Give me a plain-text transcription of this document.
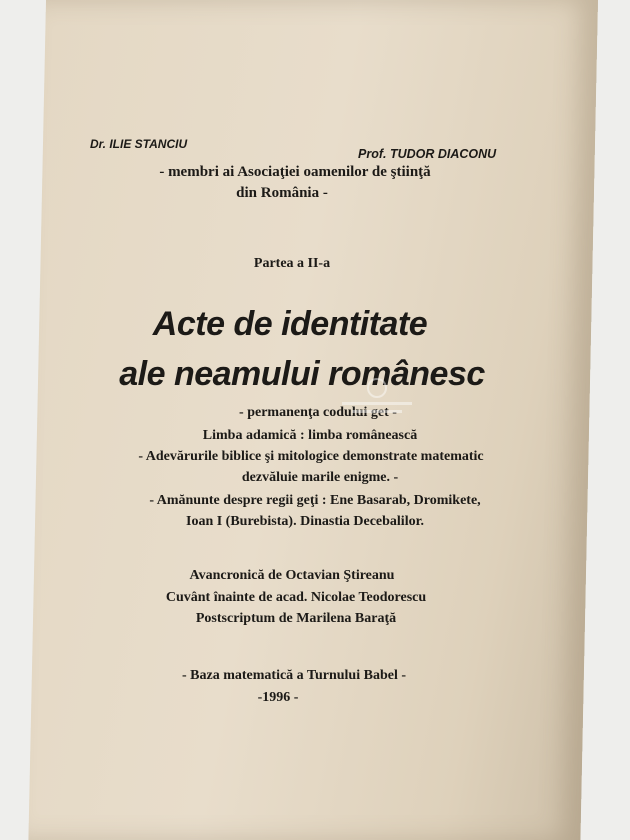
Dr. ILIE STANCIU
Prof. TUDOR DIACONU
- membri ai Asociaţiei oamenilor de ştiinţă
din România -
Partea a II-a
Acte de identitate
ale neamului românesc
- permanenţa codului get -
Limba adamică : limba românească
- Adevărurile biblice şi mitologice demonstrate matematic
dezvăluie marile enigme. -
- Amănunte despre regii geţi : Ene Basarab, Dromikete,
Ioan I (Burebista). Dinastia Decebalilor.
Avancronică de Octavian Ştireanu
Cuvânt înainte de acad. Nicolae Teodorescu
Postscriptum de Marilena Baraţă
- Baza matematică a Turnului Babel -
-1996 -
